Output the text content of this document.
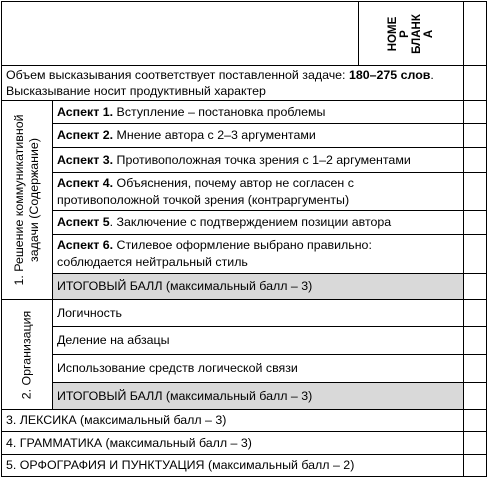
		НОМЕ Р БЛАНК А	

Объем высказывания соответствует поставленной задаче: 180–275 слов.
Высказывание носит продуктивный характер			

1. Решение коммуникативной задачи (Содержание)	Аспект 1. Вступление – постановка проблемы		
	Аспект 2. Мнение автора с 2–3 аргументами		
	Аспект 3. Противоположная точка зрения с 1–2 аргументами		

	Аспект 4. Объяснения, почему автор не согласен с
противоположной точкой зрения (контраргументы)		

	Аспект 5. Заключение с подтверждением позиции автора		

	Аспект 6. Стилевое оформление выбрано правильно:
соблюдается нейтральный стиль		

	ИТОГОВЫЙ БАЛЛ (максимальный балл – 3)		

2. Организация	Логичность		
	Деление на абзацы		
	Использование средств логической связи		
	ИТОГОВЫЙ БАЛЛ (максимальный балл – 3)		
3. ЛЕКСИКА (максимальный балл – 3)			
4. ГРАММАТИКА (максимальный балл – 3)			
5. ОРФОГРАФИЯ И ПУНКТУАЦИЯ (максимальный балл – 2)			
